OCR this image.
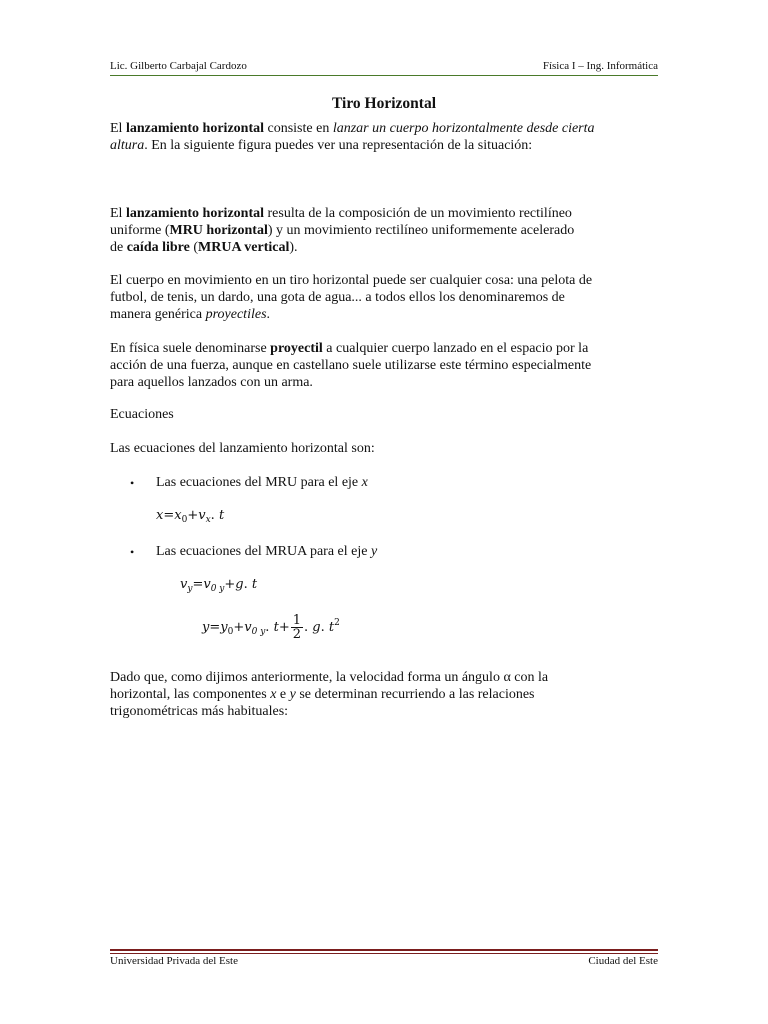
Lic. Gilberto Carbajal Cardozo	Física I – Ing. Informática
Tiro Horizontal
El lanzamiento horizontal consiste en lanzar un cuerpo horizontalmente desde cierta
altura. En la siguiente figura puedes ver una representación de la situación:
El lanzamiento horizontal resulta de la composición de un movimiento rectilíneo
uniforme (MRU horizontal) y un movimiento rectilíneo uniformemente acelerado
de caída libre (MRUA vertical).
El cuerpo en movimiento en un tiro horizontal puede ser cualquier cosa: una pelota de
futbol, de tenis, un dardo, una gota de agua... a todos ellos los denominaremos de
manera genérica proyectiles.
En física suele denominarse proyectil a cualquier cuerpo lanzado en el espacio por la
acción de una fuerza, aunque en castellano suele utilizarse este término especialmente
para aquellos lanzados con un arma.
Ecuaciones
Las ecuaciones del lanzamiento horizontal son:
• Las ecuaciones del MRU para el eje x
$x=x_0+v_x$. t
• Las ecuaciones del MRUA para el eje y
$v_y=v_{0 y}+g$. t
$y=y_0+v_{0 y}$. $t+ \frac{1}{2}$ . g. $t^2$
Dado que, como dijimos anteriormente, la velocidad forma un ángulo α con la
horizontal, las componentes x e y se determinan recurriendo a las relaciones
trigonométricas más habituales:
Universidad Privada del Este	Ciudad del Este
